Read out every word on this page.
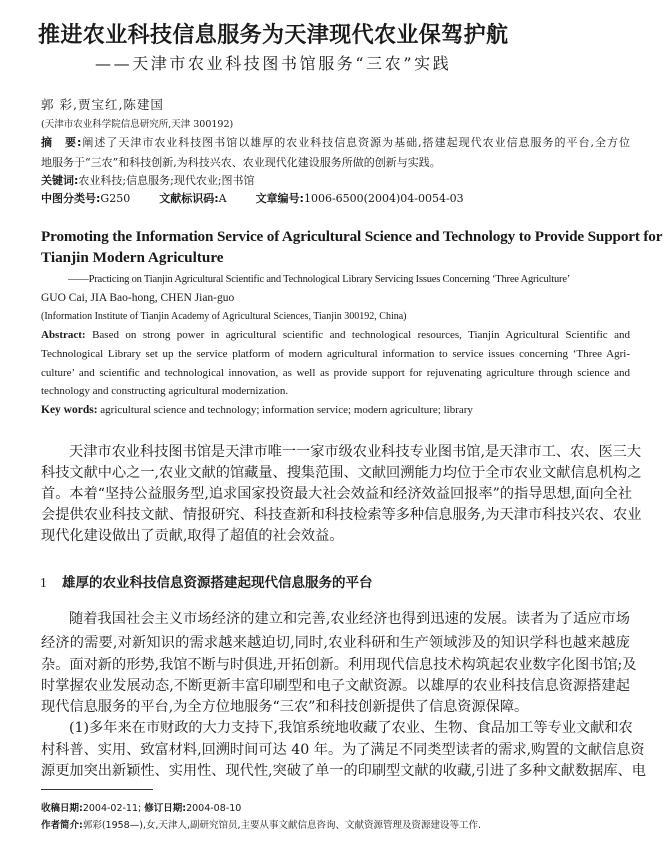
推进农业科技信息服务为天津现代农业保驾护航
——天津市农业科技图书馆服务“三农”实践
郭 彩,贾宝红,陈建国
(天津市农业科学院信息研究所,天津 300192)
摘　要:阐述了天津市农业科技图书馆以雄厚的农业科技信息资源为基础,搭建起现代农业信息服务的平台,全方位
地服务于“三农”和科技创新,为科技兴农、农业现代化建设服务所做的创新与实践。
关键词:农业科技;信息服务;现代农业;图书馆
中图分类号:G250	文献标识码:A	文章编号:1006-6500(2004)04-0054-03
Promoting the Information Service of Agricultural Science and Technology to Provide Support for
Tianjin Modern Agriculture
——Practicing on Tianjin Agricultural Scientific and Technological Library Servicing Issues Concerning ‘Three Agriculture’
GUO Cai, JIA Bao-hong, CHEN Jian-guo
(Information Institute of Tianjin Academy of Agricultural Sciences, Tianjin 300192, China)
Abstract: Based on strong power in agricultural scientific and technological resources, Tianjin Agricultural Scientific and
Technological Library set up the service platform of modern agricultural information to service issues concerning ‘Three Agri-
culture’ and scientific and technological innovation, as well as provide support for rejuvenating agriculture through science and
technology and constructing agricultural modernization.
Key words: agricultural science and technology; information service; modern agriculture; library
天津市农业科技图书馆是天津市唯一一家市级农业科技专业图书馆,是天津市工、农、医三大
科技文献中心之一,农业文献的馆藏量、搜集范围、文献回溯能力均位于全市农业文献信息机构之
首。本着“坚持公益服务型,追求国家投资最大社会效益和经济效益回报率”的指导思想,面向全社
会提供农业科技文献、情报研究、科技查新和科技检索等多种信息服务,为天津市科技兴农、农业
现代化建设做出了贡献,取得了超值的社会效益。
1 雄厚的农业科技信息资源搭建起现代信息服务的平台
随着我国社会主义市场经济的建立和完善,农业经济也得到迅速的发展。读者为了适应市场
经济的需要,对新知识的需求越来越迫切,同时,农业科研和生产领域涉及的知识学科也越来越庞
杂。面对新的形势,我馆不断与时俱进,开拓创新。利用现代信息技术构筑起农业数字化图书馆;及
时掌握农业发展动态,不断更新丰富印刷型和电子文献资源。以雄厚的农业科技信息资源搭建起
现代信息服务的平台,为全方位地服务“三农”和科技创新提供了信息资源保障。
(1)多年来在市财政的大力支持下,我馆系统地收藏了农业、生物、食品加工等专业文献和农
村科普、实用、致富材料,回溯时间可达 40 年。为了满足不同类型读者的需求,购置的文献信息资
源更加突出新颖性、实用性、现代性,突破了单一的印刷型文献的收藏,引进了多种文献数据库、电
收稿日期:2004-02-11; 修订日期:2004-08-10
作者简介:郭彩(1958—),女,天津人,副研究馆员,主要从事文献信息咨询、文献资源管理及资源建设等工作.
